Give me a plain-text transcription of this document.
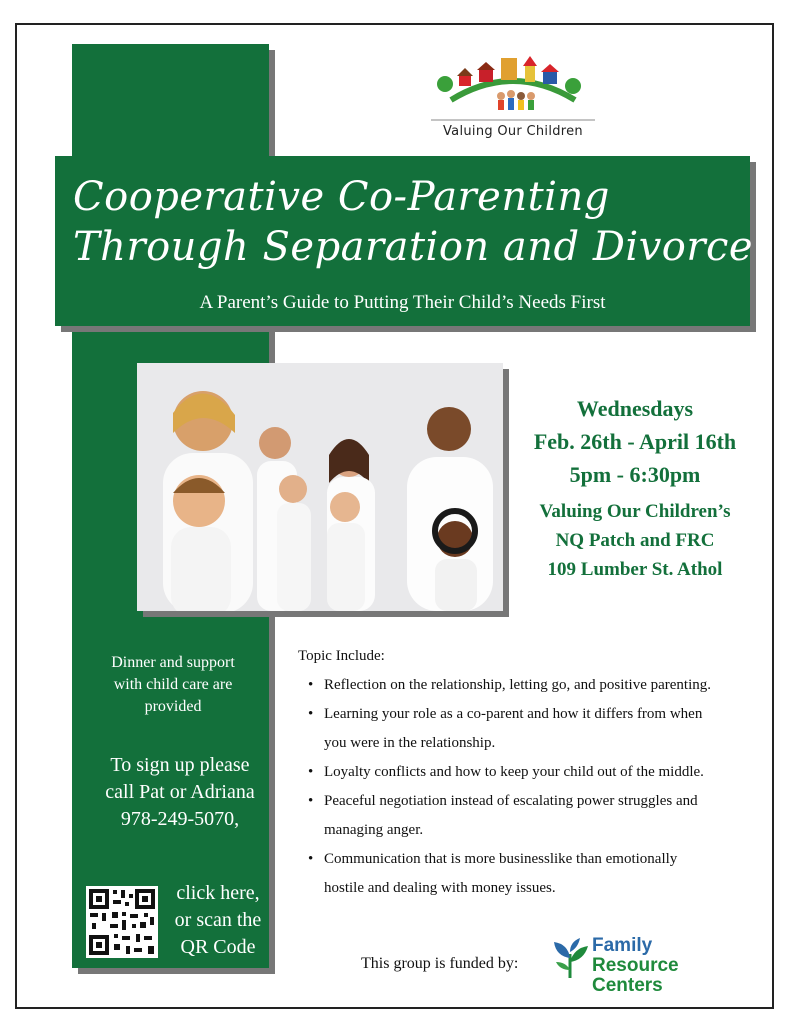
Valuing Our Children

Cooperative Co-Parenting
Through Separation and Divorce

A Parent’s Guide to Putting Their Child’s Needs First

Wednesdays
Feb. 26th - April 16th
5pm - 6:30pm
Valuing Our Children’s
NQ Patch and FRC
109 Lumber St. Athol
Dinner and support
with child care are
provided
To sign up please
call Pat or Adriana
978-249-5070,
click here,
or scan the
QR Code

Topic Include:

• Reflection on the relationship, letting go, and positive parenting.
• Learning your role as a co-parent and how it differs from when
you were in the relationship.
• Loyalty conflicts and how to keep your child out of the middle.
• Peaceful negotiation instead of escalating power struggles and
managing anger.
• Communication that is more businesslike than emotionally
hostile and dealing with money issues.
This group is funded by:
Family
Resource Centers
